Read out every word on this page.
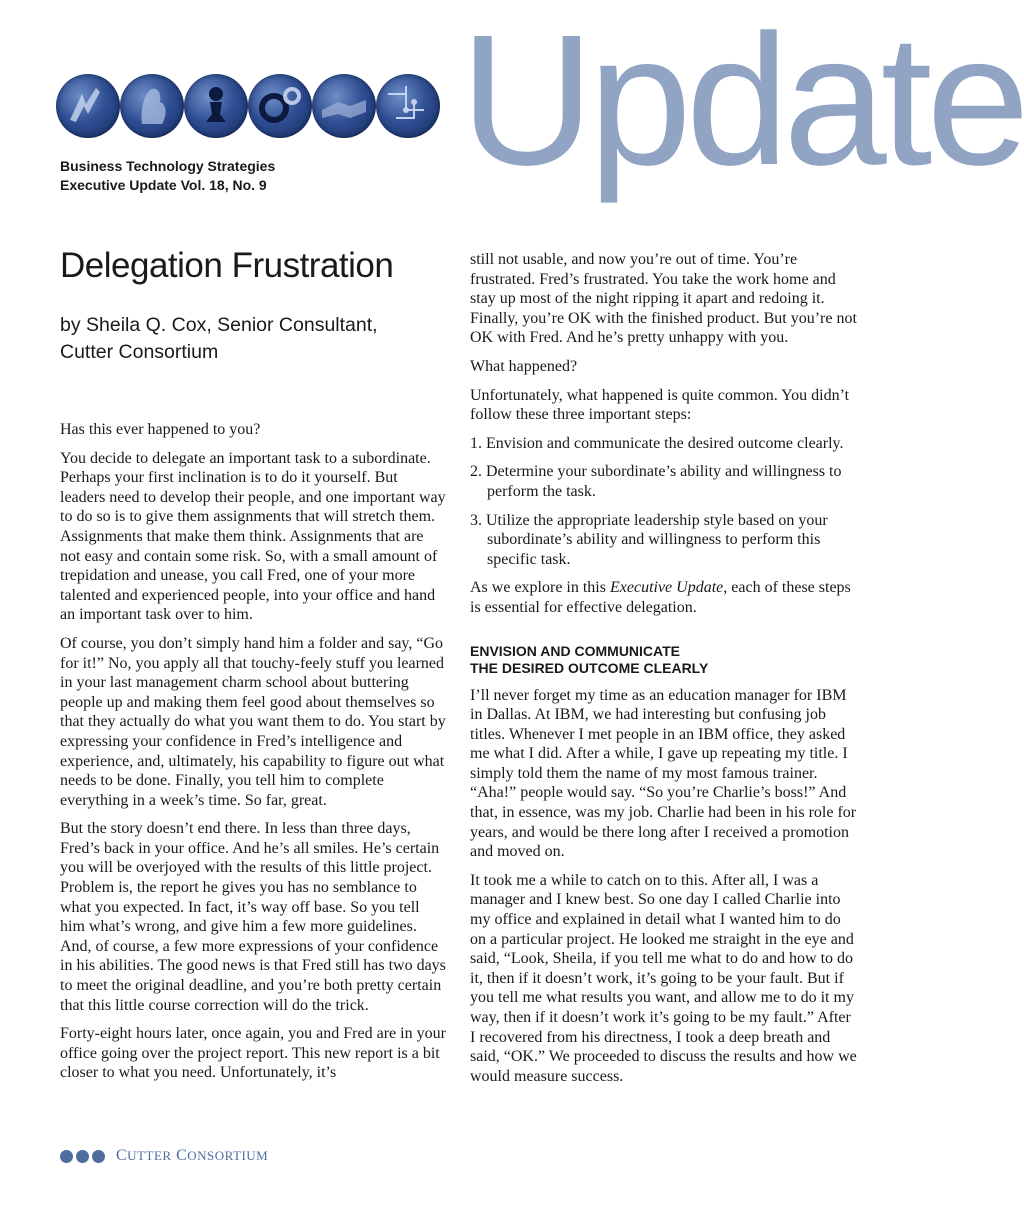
Update
Business Technology Strategies
Executive Update Vol. 18, No. 9
Delegation Frustration
by Sheila Q. Cox, Senior Consultant,
Cutter Consortium

Has this ever happened to you?

You decide to delegate an important task to a subordinate. Perhaps your first inclination is to do it yourself. But leaders need to develop their people, and one important way to do so is to give them assignments that will stretch them. Assignments that make them think. Assignments that are not easy and contain some risk. So, with a small amount of trepidation and unease, you call Fred, one of your more talented and experienced people, into your office and hand an important task over to him.

Of course, you don’t simply hand him a folder and say, “Go for it!” No, you apply all that touchy-feely stuff you learned in your last management charm school about buttering people up and making them feel good about themselves so that they actually do what you want them to do. You start by expressing your confidence in Fred’s intelligence and experience, and, ultimately, his capability to figure out what needs to be done. Finally, you tell him to complete everything in a week’s time. So far, great.

But the story doesn’t end there. In less than three days, Fred’s back in your office. And he’s all smiles. He’s certain you will be overjoyed with the results of this little project. Problem is, the report he gives you has no semblance to what you expected. In fact, it’s way off base. So you tell him what’s wrong, and give him a few more guidelines. And, of course, a few more expressions of your confidence in his abilities. The good news is that Fred still has two days to meet the original deadline, and you’re both pretty certain that this little course correction will do the trick.

Forty-eight hours later, once again, you and Fred are in your office going over the project report. This new report is a bit closer to what you need. Unfortunately, it’s

still not usable, and now you’re out of time. You’re frustrated. Fred’s frustrated. You take the work home and stay up most of the night ripping it apart and redoing it. Finally, you’re OK with the finished product. But you’re not OK with Fred. And he’s pretty unhappy with you.

What happened?

Unfortunately, what happened is quite common. You didn’t follow these three important steps:

1. Envision and communicate the desired outcome clearly.
2. Determine your subordinate’s ability and willingness to perform the task.
3. Utilize the appropriate leadership style based on your subordinate’s ability and willingness to perform this specific task.

As we explore in this Executive Update, each of these steps is essential for effective delegation.

ENVISION AND COMMUNICATE
THE DESIRED OUTCOME CLEARLY

I’ll never forget my time as an education manager for IBM in Dallas. At IBM, we had interesting but confusing job titles. Whenever I met people in an IBM office, they asked me what I did. After a while, I gave up repeating my title. I simply told them the name of my most famous trainer. “Aha!” people would say. “So you’re Charlie’s boss!” And that, in essence, was my job. Charlie had been in his role for years, and would be there long after I received a promotion and moved on.

It took me a while to catch on to this. After all, I was a manager and I knew best. So one day I called Charlie into my office and explained in detail what I wanted him to do on a particular project. He looked me straight in the eye and said, “Look, Sheila, if you tell me what to do and how to do it, then if it doesn’t work, it’s going to be your fault. But if you tell me what results you want, and allow me to do it my way, then if it doesn’t work it’s going to be my fault.” After I recovered from his directness, I took a deep breath and said, “OK.” We proceeded to discuss the results and how we would measure success.

CUTTER CONSORTIUM
